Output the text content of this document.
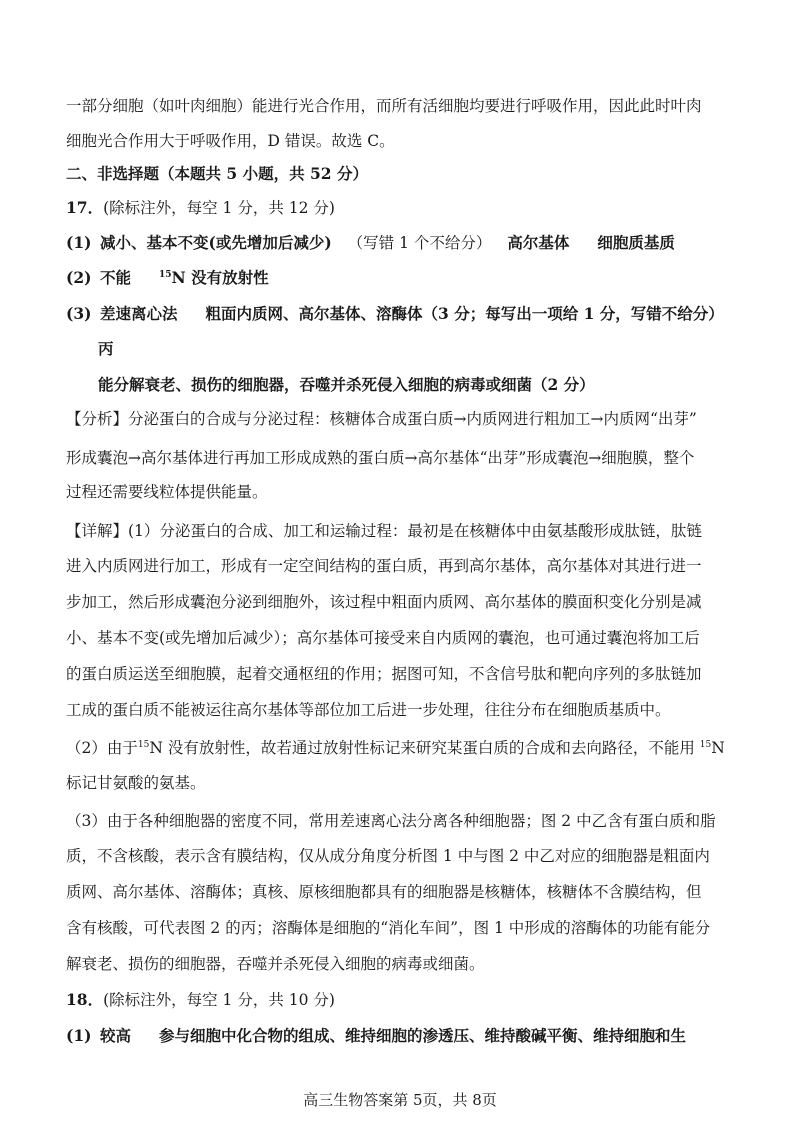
一部分细胞（如叶肉细胞）能进行光合作用，而所有活细胞均要进行呼吸作用，因此此时叶肉
细胞光合作用大于呼吸作用，D 错误。故选 C。
二、非选择题（本题共 5 小题，共 52 分）
17．(除标注外，每空 1 分，共 12 分)
(1) 减小、基本不变(或先增加后减少) （写错 1 个不给分） 高尔基体 细胞质基质
(2) 不能	$^{15}$N 没有放射性
(3) 差速离心法 粗面内质网、高尔基体、溶酶体（3 分；每写出一项给 1 分，写错不给分）
丙
能分解衰老、损伤的细胞器，吞噬并杀死侵入细胞的病毒或细菌（2 分）
【分析】分泌蛋白的合成与分泌过程：核糖体合成蛋白质→内质网进行粗加工→内质网“出芽”
形成囊泡→高尔基体进行再加工形成成熟的蛋白质→高尔基体“出芽”形成囊泡→细胞膜，整个
过程还需要线粒体提供能量。
【详解】(1）分泌蛋白的合成、加工和运输过程：最初是在核糖体中由氨基酸形成肽链，肽链
进入内质网进行加工，形成有一定空间结构的蛋白质，再到高尔基体，高尔基体对其进行进一
步加工，然后形成囊泡分泌到细胞外，该过程中粗面内质网、高尔基体的膜面积变化分别是减
小、基本不变(或先增加后减少）；高尔基体可接受来自内质网的囊泡，也可通过囊泡将加工后
的蛋白质运送至细胞膜，起着交通枢纽的作用；据图可知，不含信号肽和靶向序列的多肽链加
工成的蛋白质不能被运往高尔基体等部位加工后进一步处理，往往分布在细胞质基质中。
（2）由于$^{15}$N 没有放射性，故若通过放射性标记来研究某蛋白质的合成和去向路径，不能用 $^{15}$N
标记甘氨酸的氨基。
（3）由于各种细胞器的密度不同，常用差速离心法分离各种细胞器；图 2 中乙含有蛋白质和脂
质，不含核酸，表示含有膜结构，仅从成分角度分析图 1 中与图 2 中乙对应的细胞器是粗面内
质网、高尔基体、溶酶体；真核、原核细胞都具有的细胞器是核糖体，核糖体不含膜结构，但
含有核酸，可代表图 2 的丙；溶酶体是细胞的“消化车间”，图 1 中形成的溶酶体的功能有能分
解衰老、损伤的细胞器，吞噬并杀死侵入细胞的病毒或细菌。
18．(除标注外，每空 1 分，共 10 分)
(1) 较高 参与细胞中化合物的组成、维持细胞的渗透压、维持酸碱平衡、维持细胞和生
高三生物答案第 5页，共 8页
